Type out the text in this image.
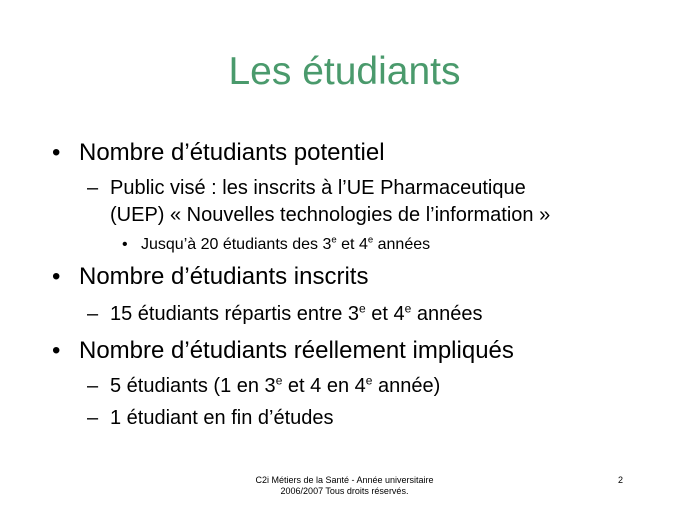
Les étudiants
• Nombre d’étudiants potentiel
– Public visé : les inscrits à l’UE Pharmaceutique
(UEP) « Nouvelles technologies de l’information »
• Jusqu’à 20 étudiants des 3e et 4e années
• Nombre d’étudiants inscrits
– 15 étudiants répartis entre 3e et 4e années
• Nombre d’étudiants réellement impliqués
– 5 étudiants (1 en 3e et 4 en 4e année)
– 1 étudiant en fin d’études
C2i Métiers de la Santé - Année universitaire
2006/2007 Tous droits réservés.
2
